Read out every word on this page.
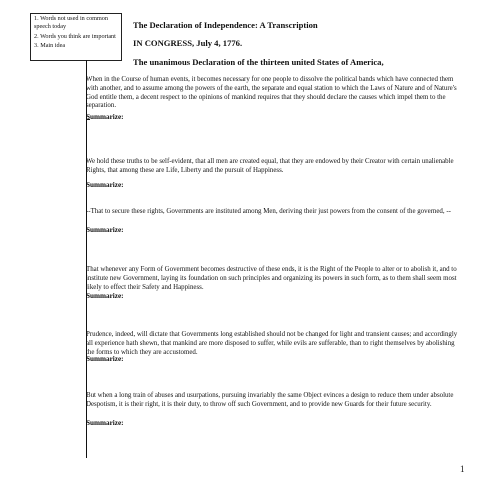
1. Words not used in common speech today
2. Words you think are important
3. Main idea
The Declaration of Independence: A Transcription
IN CONGRESS, July 4, 1776.
The unanimous Declaration of the thirteen united States of America,
When in the Course of human events, it becomes necessary for one people to dissolve the political bands which have connected them with another, and to assume among the powers of the earth, the separate and equal station to which the Laws of Nature and of Nature's God entitle them, a decent respect to the opinions of mankind requires that they should declare the causes which impel them to the separation.
Summarize:
We hold these truths to be self-evident, that all men are created equal, that they are endowed by their Creator with certain unalienable Rights, that among these are Life, Liberty and the pursuit of Happiness.
Summarize:
--That to secure these rights, Governments are instituted among Men, deriving their just powers from the consent of the governed, --
Summarize:
That whenever any Form of Government becomes destructive of these ends, it is the Right of the People to alter or to abolish it, and to institute new Government, laying its foundation on such principles and organizing its powers in such form, as to them shall seem most likely to effect their Safety and Happiness.
Summarize:
Prudence, indeed, will dictate that Governments long established should not be changed for light and transient causes; and accordingly all experience hath shewn, that mankind are more disposed to suffer, while evils are sufferable, than to right themselves by abolishing the forms to which they are accustomed.
Summarize:
But when a long train of abuses and usurpations, pursuing invariably the same Object evinces a design to reduce them under absolute Despotism, it is their right, it is their duty, to throw off such Government, and to provide new Guards for their future security.
Summarize:
1
